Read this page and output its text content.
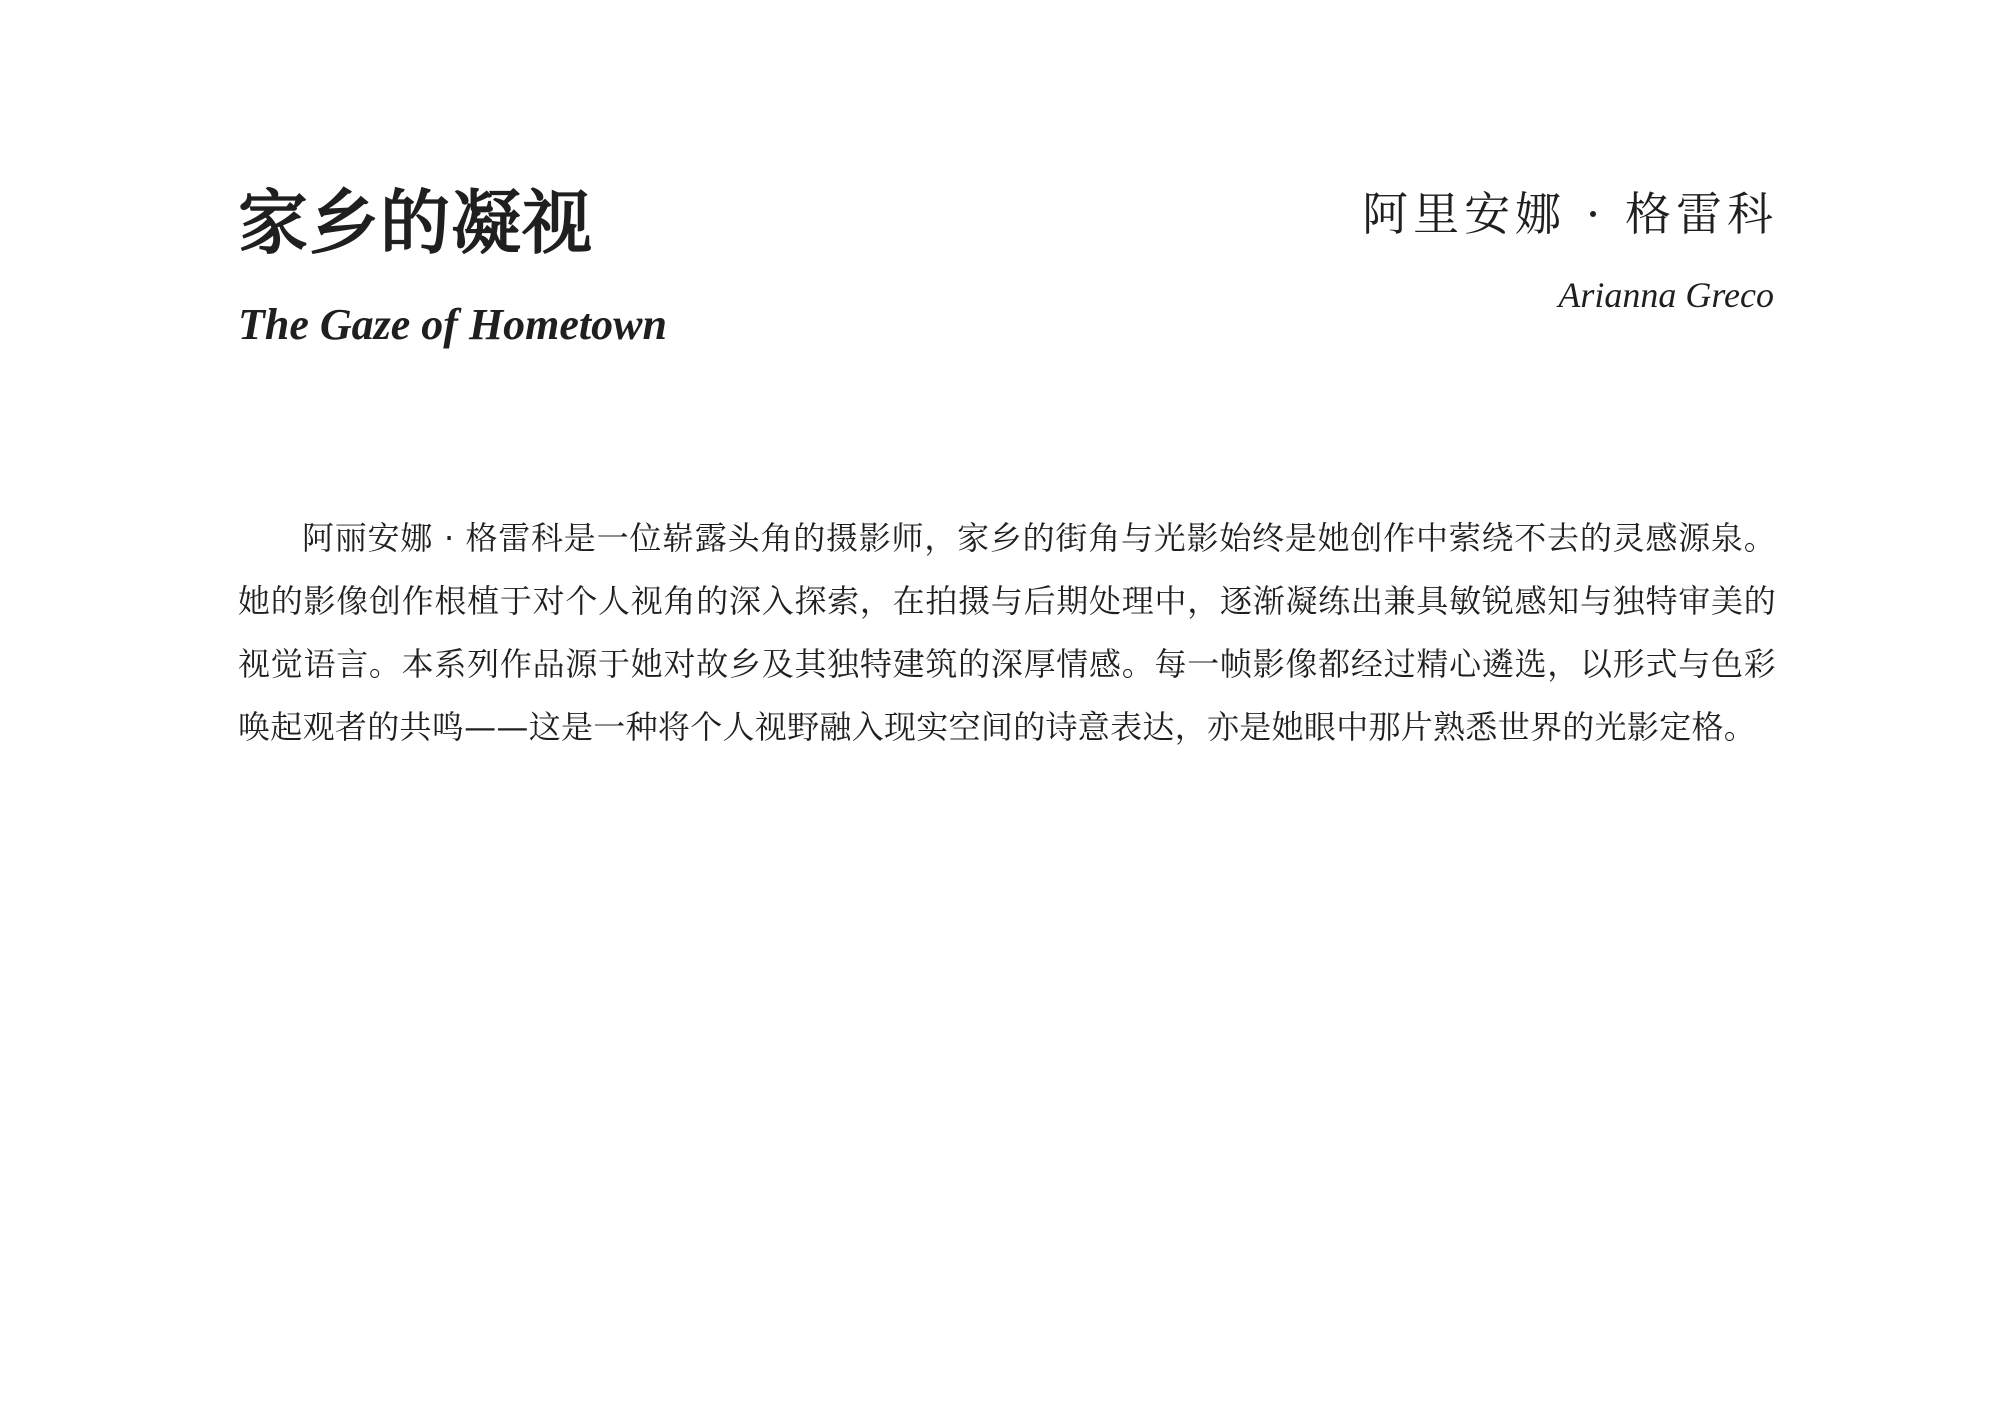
家乡的凝视
The Gaze of Hometown
阿里安娜 · 格雷科
Arianna Greco

阿丽安娜 · 格雷科是一位崭露头角的摄影师，家乡的街角与光影始终是她创作中萦绕不去的灵感源泉。她的影像创作根植于对个人视角的深入探索，在拍摄与后期处理中，逐渐凝练出兼具敏锐感知与独特审美的视觉语言。本系列作品源于她对故乡及其独特建筑的深厚情感。每一帧影像都经过精心遴选，以形式与色彩唤起观者的共鸣——这是一种将个人视野融入现实空间的诗意表达，亦是她眼中那片熟悉世界的光影定格。
